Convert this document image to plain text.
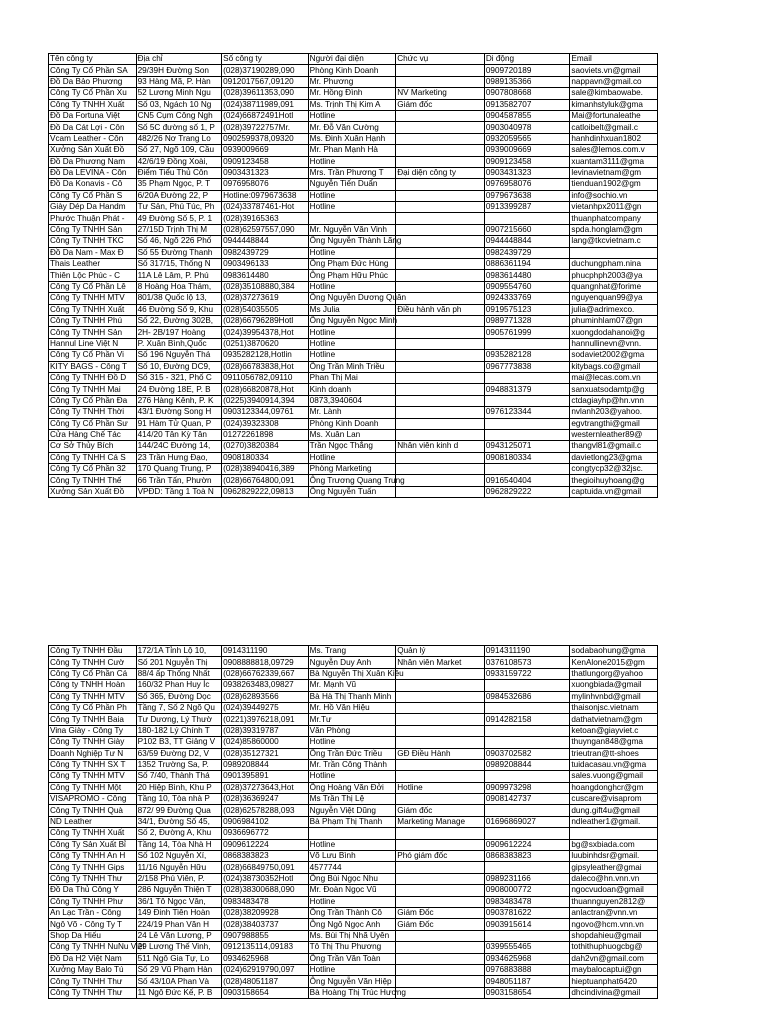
Tên công ty	Địa chỉ	Số công ty	Người đại diện	Chức vụ	Di động	Email
Công Ty Cổ Phần SA	29/39H Đường Son	(028)37190289,090	Phòng Kinh Doanh		0909720189	saoviets.vn@gmail
Đồ Da Bảo Phương	93 Hàng Mã, P. Hàn	0912017567,09120	Mr. Phương		0989135366	nappavn@gmail.co
Công Ty Cổ Phần Xu	52 Lương Minh Ngu	(028)39611353,090	Mr. Hồng Đình	NV Marketing	0907808668	sale@kimbaowabe.
Công Ty TNHH Xuất	Số 03, Ngách 10 Ng	(024)38711989,091	Ms. Trịnh Thị Kim A	Giám đốc	0913582707	kimanhstyluk@gma
Đồ Da Fortuna Việt	CN5 Cụm Công Ngh	(024)66872491Hotl	Hotline		0904587855	Mai@fortunaleathe
Đồ Da Cát Lợi - Côn	Số 5C đường số 1, P	(028)39722757Mr.	Mr. Đỗ Văn Cường		0903040978	catloibelt@gmail.c
Vcam Leather - Côn	482/26 Nơ Trang Lo	0902599378,09320	Ms. Đinh Xuân Hạnh		0932059565	hanhdinhxuan1802
Xưởng Sản Xuất Đồ	Số 27, Ngõ 109, Cầu	0939009669	Mr. Phan Mạnh Hà		0939009669	sales@lemos.com.v
Đồ Da Phương Nam	42/6/19 Đồng Xoài,	0909123458	Hotline		0909123458	xuantam3111@gma
Đồ Da LEVINA - Côn	Điểm Tiểu Thủ Côn	0903431323	Mrs. Trần Phương T	Đại diện công ty	0903431323	levinavietnam@gm
Đồ Da Konavis - Cô	35 Phạm Ngọc, P. T	0976958076	Nguyễn Tiến Duẩn		0976958076	tienduan1902@gm
Công Ty Cổ Phần S	6/20A Đường 22, P	Hotline:0979673638	Hotline		0979673638	info@sochio.vn
Giày Dép Da Handm	Tư Sản, Phú Túc, Ph	(024)33787461-Hot	Hotline		0913399287	vietanhpx2011@gn
Phước Thuận Phát -	49 Đường Số 5, P. 1	(028)39165363				thuanphatcompany
Công Ty TNHH Sản	27/15D Trịnh Thị M	(028)62597557,090	Mr. Nguyễn Văn Vinh		0907215660	spda.honglam@gm
Công Ty TNHH TKC	Số 46, Ngõ 226 Phố	0944448844	Ông Nguyễn Thành Lãng		0944448844	lang@tkcvietnam.c
Đồ Da Nam - Max Đ	Số 55 Đường Thanh	0982439729	Hotline		0982439729	
Thais Leather	Số 317/15, Thống N	0903496133	Ông Phạm Đức Hùng		0886361194	duchungpham.nina
Thiên Lộc Phúc - C	11A Lê Lâm, P. Phú	0983614480	Ông Phạm Hữu Phúc		0983614480	phucphph2003@ya
Công Ty Cổ Phần Lê	8 Hoàng Hoa Thám,	(028)35108880,384	Hotline		0909554760	quangnhat@forime
Công Ty TNHH MTV	801/38 Quốc lộ 13,	(028)37273619	Ông Nguyễn Dương Quân		0924333769	nguyenquan99@ya
Công Ty TNHH Xuất	46 Đường Số 9, Khu	(028)54035505	Ms Julia	Điều hành văn ph	0919575123	julia@adrimexco.
Công Ty TNHH Phú	Số 22, Đường 302B,	(028)66796289Hotl	Ông Nguyễn Ngọc Minh		0989771328	phuminhlam07@gn
Công Ty TNHH Sản	2H- 2B/197 Hoàng	(024)39954378,Hot	Hotline		0905761999	xuongdodahanoi@g
Hannul Line Việt N	P. Xuân Bình,Quốc	(0251)3870620	Hotline			hannullinevn@vnn.
Công Ty Cổ Phần Vi	Số 196 Nguyễn Thá	0935282128,Hotlin	Hotline		0935282128	sodaviet2002@gma
KITY BAGS - Công T	Số 10, Đường DC9,	(028)66783838,Hot	Ông Trần Minh Triều		0967773838	kitybags.co@gmail
Công Ty TNHH Đồ D	Số 315 - 321, Phố C	0911056782,09110	Phan Thị Mai			mai@lecas.com.vn
Công Ty TNHH Mai	24 Đường 18E, P. B	(028)66820878,Hot	Kinh doanh		0948831379	sanxuatsodamtp@g
Công Ty Cổ Phần Đa	276 Hàng Kênh, P. K	(0225)3940914,394	0873,3940604			ctdagiayhp@hn.vnn
Công Ty TNHH Thời	43/1 Đường Song H	0903123344,09761	Mr. Lành		0976123344	nvlanh203@yahoo.
Công Ty Cổ Phần Sư	91 Hàm Tử Quan, P	(024)39323308	Phòng Kinh Doanh			egvtrangthi@gmail
Cửa Hàng Chế Tác	414/20 Tân Kỳ Tân	01272261898	Ms. Xuân Lan			westernleather89@
Cơ Sở Thủy Bích	144/24C Đường 14,	(0270)3820384	Trần Ngọc Thắng	Nhân viên kinh d	0943125071	thangvl81@gmail.c
Công Ty TNHH Cá S	23 Trần Hưng Đạo,	0908180334	Hotline		0908180334	davietlong23@gma
Công Ty Cổ Phần 32	170 Quang Trung, P	(028)38940416,389	Phòng Marketing			congtycp32@32jsc.
Công Ty TNHH Thế	66 Trần Tấn, Phườn	(028)66764800,091	Ông Trương Quang Trung		0916540404	thegioihuyhoang@g
Xưởng Sản Xuất Đồ	VPĐD: Tầng 1 Toà N	0962829222,09813	Ông Nguyễn Tuấn		0962829222	captuida.vn@gmail
Công Ty TNHH Đầu	172/1A Tỉnh Lộ 10,	0914311190	Ms. Trang	Quản lý	0914311190	sodabaohung@gma
Công Ty TNHH Cườ	Số 201 Nguyễn Thị	0908888818,09729	Nguyễn Duy Anh	Nhân viên Market	0376108573	KenAlone2015@gm
Công Ty Cổ Phần Cá	88/4 ấp Thống Nhất	(028)66762339,667	Bà Nguyễn Thị Xuân Kiều		0933159722	thatlungorg@yahoo
Công ty TNHH Hoàn	160/32 Phan Huy Íc	0938263483,09827	Mr. Mạnh Vũ			xuongbiada@gmail
Công Ty TNHH MTV	Số 365, Đường Dọc	(028)62893566	Bà Hà Thị Thanh Minh		0984532686	mylinhvnbd@gmail
Công Ty Cổ Phần Ph	Tầng 7, Số 2 Ngõ Qu	(024)39449275	Mr. Hồ Văn Hiệu			thaisonjsc.vietnam
Công Ty TNHH Baia	Tư Dương, Lý Thườ	(0221)3976218,091	Mr.Tư		0914282158	dathatvietnam@gm
Vina Giày - Công Ty	180-182 Lý Chính T	(028)39319787	Văn Phòng			ketoan@giayviet.c
Công Ty TNHH Giày	P102 B3, TT Giảng V	(024)85860000	Hotline			thuyngan848@gma
Doanh Nghiệp Tư N	63/59 Đường D2, V	(028)35127321	Ông Trần Đức Triều	GĐ Điều Hành	0903702582	trieutran@tt-shoes
Công Ty TNHH SX T	1352 Trường Sa, P.	0989208844	Mr. Trần Công Thành		0989208844	tuidacasau.vn@gma
Công Ty TNHH MTV	Số 7/40, Thành Thá	0901395891	Hotline			sales.vuong@gmail
Công Ty TNHH Một	20 Hiệp Bình, Khu P	(028)37273643,Hot	Ông Hoàng Văn Đởi	Hotline	0909973298	hoangdonghcr@gm
VISAPROMO - Công	Tầng 10, Tòa nhà P	(028)36369247	Ms Trần Thị Lệ		0908142737	cuscare@visaprom
Công Ty TNHH Quà	872/ 99 Đường Qua	(028)62578288,093	Nguyễn Việt Dũng	Giám đốc		dung.gift4u@gmail
ND Leather	34/1, Đường Số 45,	0906984102	Bà Phạm Thị Thanh	Marketing Manage	01696869027	ndleather1@gmail.
Công Ty TNHH Xuất	Số 2, Đường A, Khu	0936696772				
Công Ty Sản Xuất Bỉ	Tầng 14, Tòa Nhà H	0909612224	Hotline		0909612224	bg@sxbiada.com
Công Ty TNHH An H	Số 102 Nguyễn Xí,	0868383823	Võ Lưu Bình	Phó giám đốc	0868383823	luubinhdsr@gmail.
Công Ty TNHH Gips	11/16 Nguyễn Hữu	(028)66849750,091	4577744			gipsyleather@gmai
Công Ty TNHH Thư	2/158 Phú Viên, P.	(024)38730352Hotl	Ông Bùi Ngọc Nhu		0989231166	daleco@hn.vnn.vn
Đồ Da Thủ Công Y	286 Nguyễn Thiện T	(028)38300688,090	Mr. Đoàn Ngọc Vũ		0908000772	ngocvudoan@gmail
Công Ty TNHH Phư	36/1 Tô Ngọc Vân,	0983483478	Hotline		0983483478	thuannguyen2812@
An Lạc Trần - Công	149 Đinh Tiên Hoàn	(028)38209928	Ông Trần Thành Cô	Giám Đốc	0903781622	anlactran@vnn.vn
Ngô Võ - Công Ty T	224/19 Phan Văn H	(028)38403737	Ông Ngô Ngọc Anh	Giám Đốc	0903915614	ngovo@hcm.vnn.vn
Shop Da Hiếu	24 Lê Văn Lương, P	0907988855	Ms. Bùi Thị Nhã Uyên			shopdahieu@gmail
Công Ty TNHH NuNu Việt	29 Lương Thế Vinh,	0912135114,09183	Tô Thị Thu Phương		0399555465	tothithuphuogcbg@
Đồ Da H2 Việt Nam	511 Ngô Gia Tự, Lo	0934625968	Ông Trần Văn Toàn		0934625968	dah2vn@gmail.com
Xưởng May Balo Tú	Số 29 Vũ Phạm Hàn	(024)62919790,097	Hotline		0976883888	maybalocaptui@gn
Công Ty TNHH Thư	Số 43/10A Phan Và	(028)48051187	Ông Nguyễn Văn Hiệp		0948051187	hieptuanphat6420
Công Ty TNHH Thư	11 Ngô Đức Kế, P. B	0903158654	Bà Hoàng Thị Trúc Hương		0903158654	dhcindivina@gmail
